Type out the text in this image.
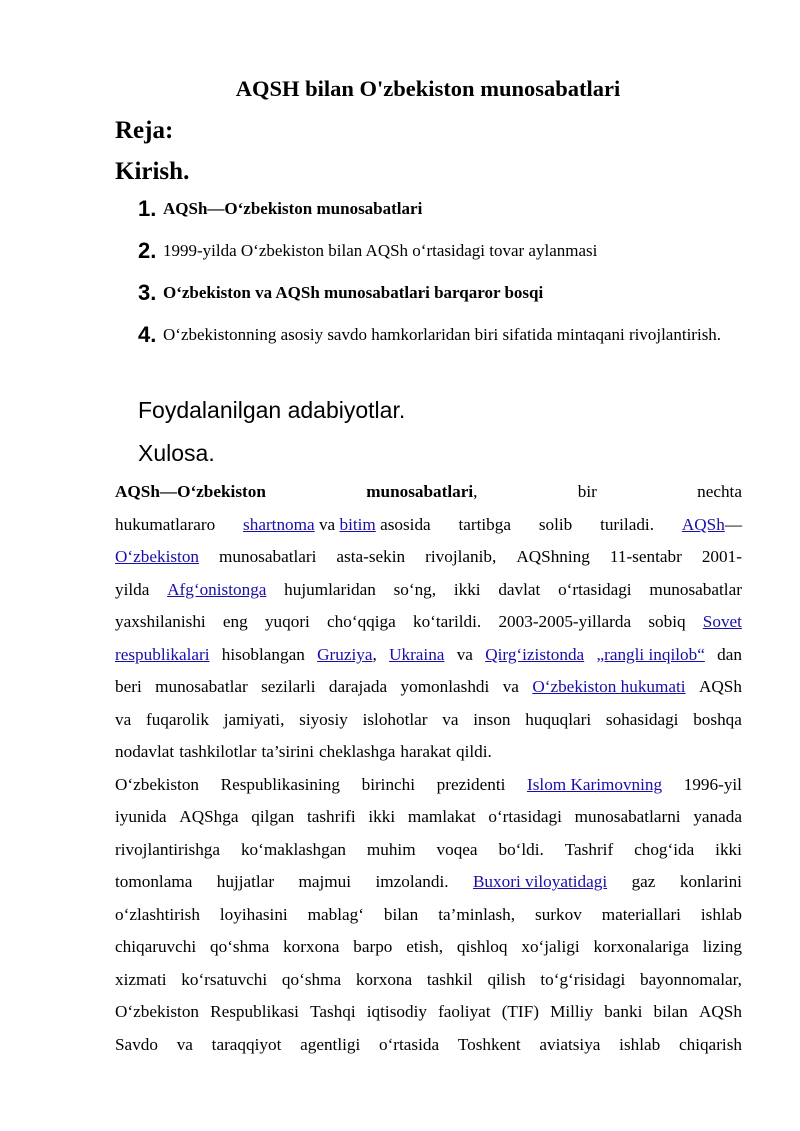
AQSH bilan O'zbekiston munosabatlari
Reja:
Kirish.
1. AQSh—O‘zbekiston munosabatlari
2. 1999-yilda O‘zbekiston bilan AQSh o‘rtasidagi tovar aylanmasi
3. O‘zbekiston va AQSh munosabatlari barqaror bosqi
4. O‘zbekistonning asosiy savdo hamkorlaridan biri sifatida mintaqani rivojlantirish.
Foydalanilgan adabiyotlar.
Xulosa.
AQSh—O‘zbekiston	munosabatlari,	bir	nechta
hukumatlararo shartnoma va bitim asosida tartibga solib turiladi. AQSh—
O‘zbekiston munosabatlari asta-sekin rivojlanib, AQShning 11-sentabr 2001-
yilda Afg‘onistonga hujumlaridan so‘ng, ikki davlat o‘rtasidagi munosabatlar
yaxshilanishi eng yuqori cho‘qqiga ko‘tarildi. 2003-2005-yillarda sobiq Sovet
respublikalari hisoblangan Gruziya, Ukraina va Qirg‘izistonda „rangli inqilob“ dan
beri munosabatlar sezilarli darajada yomonlashdi va O‘zbekiston hukumati AQSh
va fuqarolik jamiyati, siyosiy islohotlar va inson huquqlari sohasidagi boshqa
nodavlat tashkilotlar ta’sirini cheklashga harakat qildi.
O‘zbekiston Respublikasining birinchi prezidenti Islom Karimovning 1996-yil
iyunida AQShga qilgan tashrifi ikki mamlakat o‘rtasidagi munosabatlarni yanada
rivojlantirishga ko‘maklashgan muhim voqea bo‘ldi. Tashrif chog‘ida ikki
tomonlama hujjatlar majmui imzolandi. Buxori viloyatidagi gaz konlarini
o‘zlashtirish loyihasini mablag‘ bilan ta’minlash, surkov materiallari ishlab
chiqaruvchi qo‘shma korxona barpo etish, qishloq xo‘jaligi korxonalariga lizing
xizmati ko‘rsatuvchi qo‘shma korxona tashkil qilish to‘g‘risidagi bayonnomalar,
O‘zbekiston Respublikasi Tashqi iqtisodiy faoliyat (TIF) Milliy banki bilan AQSh
Savdo va taraqqiyot agentligi o‘rtasida Toshkent aviatsiya ishlab chiqarish
